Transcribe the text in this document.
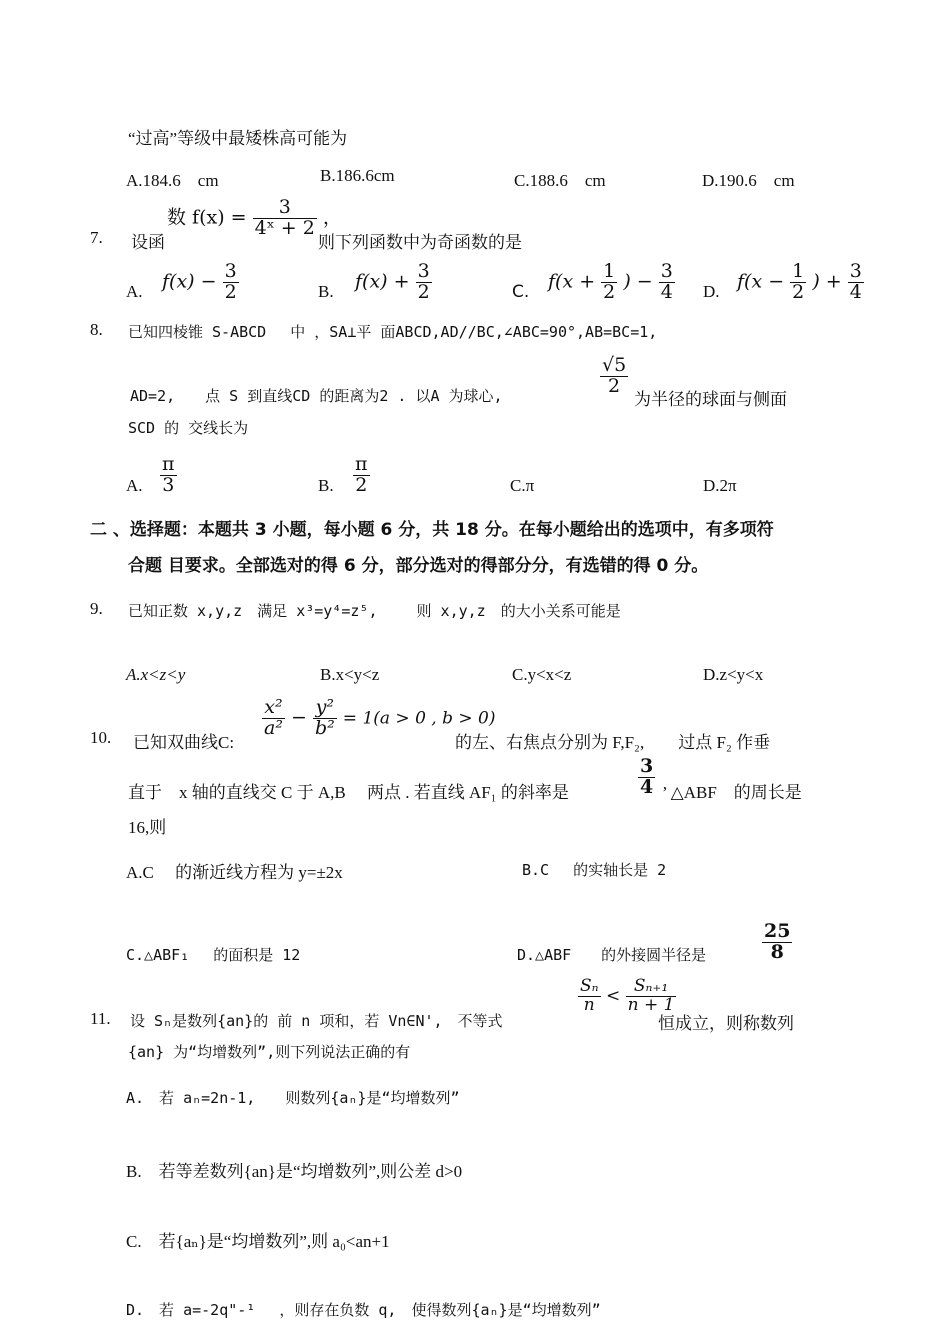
“过高”等级中最矮株高可能为
A.184.6　cm	B.186.6cm	C.188.6　cm	D.190.6　cm
7. 设函
数 $f(x) = \frac{3}{\text{4ˣ + 2}}$ ，
则下列函数中为奇函数的是
A. $f(x) - \frac{3}{2}$	B. $f(x) + \frac{3}{2}$	C. $f(x + \frac{1}{2}$ ) − $\frac{3}{4} D$. $f(x - \frac{1}{2}$ ) + $\frac{3}{4}$
8. 已知四棱锥 S-ABCD　 中 ，SA⊥平 面ABCD,AD//BC,∠ABC=90°,AB=BC=1,
AD=2,　　点 S 到直线CD 的距离为2 . 以A 为球心,	$\frac{√5}{2}$
为半径的球面与侧面
SCD 的 交线长为
A. $\frac{\pi}{3}$	B. $\frac{\pi}{2}$	C.π	D.2π
二 、选择题：本题共 3 小题，每小题 6 分，共 18 分。在每小题给出的选项中，有多项符
合题 目要求。全部选对的得 6 分，部分选对的得部分分，有选错的得 0 分。
9. 已知正数 x,y,z　满足 x³=y⁴=z⁵,　　 则 x,y,z　的大小关系可能是
A.x<z<y	B.x<y<z	C.y<x<z	D.z<y<x
10. 已知双曲线C:
$\frac{\text{x²}}{\text{a²}} - \frac{\text{y²}}{\text{b²}} = 1(a > 0$ , b > 0)
的左、右焦点分别为 F,F₂,　　过点 F₂ 作垂
直于　x 轴的直线交 C 于 A,B　 两点 . 若直线 AF₁ 的斜率是	$\frac{3}{4}$ ’ △ABF　的周长是
16,则
A.C　 的渐近线方程为 y=±2x	B.C　 的实轴长是 2
C.△ABF₁　 的面积是 12	D.△ABF　　的外接圆半径是	$\frac{25}{8}$
11. 设 Sₙ是数列{an}的 前 n 项和，若 Vn∈N',　不等式
$\frac{\text{Sₙ}}{n} < \frac{\text{Sₙ₊₁}}{n + 1}$
恒成立，则称数列
{an} 为“均增数列”,则下列说法正确的有
A.　若 aₙ=2n-1,　　则数列{aₙ}是“均增数列”
B.　若等差数列{an}是“均增数列”,则公差 d>0
C.　若{aₙ}是“均增数列”,则 a₀<an+1
D.　若 a=-2q"-¹　 ，则存在负数 q,　使得数列{aₙ}是“均增数列”
